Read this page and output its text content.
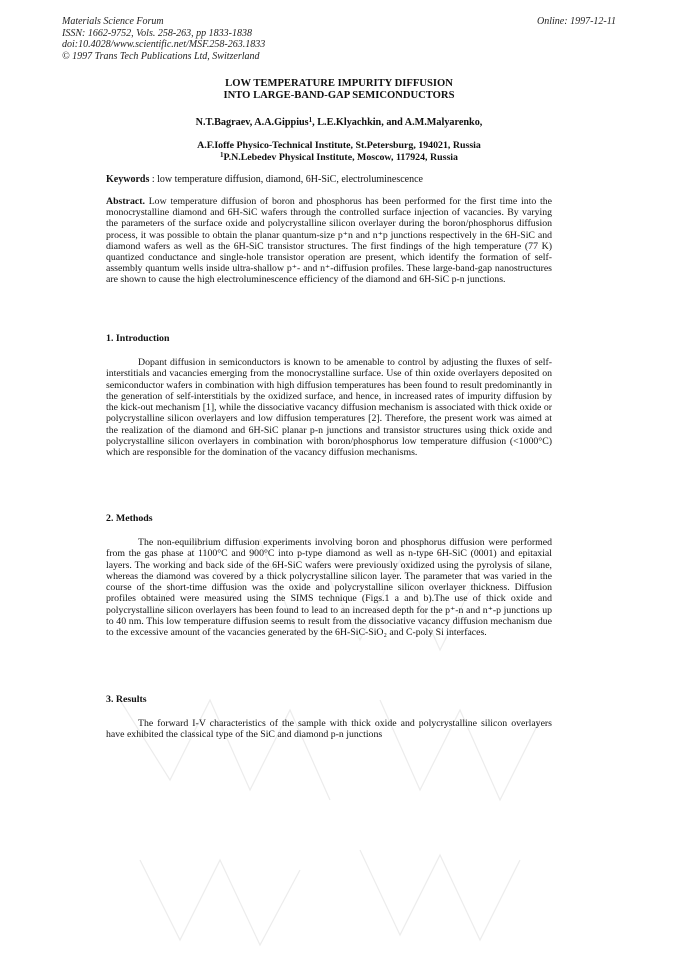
Materials Science Forum
ISSN: 1662-9752, Vols. 258-263, pp 1833-1838
doi:10.4028/www.scientific.net/MSF.258-263.1833
© 1997 Trans Tech Publications Ltd, Switzerland
Online: 1997-12-11
LOW TEMPERATURE IMPURITY DIFFUSION
INTO LARGE-BAND-GAP SEMICONDUCTORS
N.T.Bagraev, A.A.Gippius$^1$, L.E.Klyachkin, and A.M.Malyarenko,
A.F.Ioffe Physico-Technical Institute, St.Petersburg, 194021, Russia
$^1$P.N.Lebedev Physical Institute, Moscow, 117924, Russia
Keywords : low temperature diffusion, diamond, 6H-SiC, electroluminescence
Abstract. Low temperature diffusion of boron and phosphorus has been performed for the first time into the monocrystalline diamond and 6H-SiC wafers through the controlled surface injection of vacancies. By varying the parameters of the surface oxide and polycrystalline silicon overlayer during the boron/phosphorus diffusion process, it was possible to obtain the planar quantum-size p⁺n and n⁺p junctions respectively in the 6H-SiC and diamond wafers as well as the 6H-SiC transistor structures. The first findings of the high temperature (77 K) quantized conductance and single-hole transistor operation are present, which identify the formation of self-assembly quantum wells inside ultra-shallow p⁺- and n⁺-diffusion profiles. These large-band-gap nanostructures are shown to cause the high electroluminescence efficiency of the diamond and 6H-SiC p-n junctions.
1. Introduction
Dopant diffusion in semiconductors is known to be amenable to control by adjusting the fluxes of self-interstitials and vacancies emerging from the monocrystalline surface. Use of thin oxide overlayers deposited on semiconductor wafers in combination with high diffusion temperatures has been found to result predominantly in the generation of self-interstitials by the oxidized surface, and hence, in increased rates of impurity diffusion by the kick-out mechanism [1], while the dissociative vacancy diffusion mechanism is associated with thick oxide or polycrystalline silicon overlayers and low diffusion temperatures [2]. Therefore, the present work was aimed at the realization of the diamond and 6H-SiC planar p-n junctions and transistor structures using thick oxide and polycrystalline silicon overlayers in combination with boron/phosphorus low temperature diffusion (<1000°C) which are responsible for the domination of the vacancy diffusion mechanisms.
2. Methods
The non-equilibrium diffusion experiments involving boron and phosphorus diffusion were performed from the gas phase at 1100°C and 900°C into p-type diamond as well as n-type 6H-SiC (0001) and epitaxial layers. The working and back side of the 6H-SiC wafers were previously oxidized using the pyrolysis of silane, whereas the diamond was covered by a thick polycrystalline silicon layer. The parameter that was varied in the course of the short-time diffusion was the oxide and polycrystalline silicon overlayer thickness. Diffusion profiles obtained were measured using the SIMS technique (Figs.1 a and b).The use of thick oxide and polycrystalline silicon overlayers has been found to lead to an increased depth for the p⁺-n and n⁺-p junctions up to 40 nm. This low temperature diffusion seems to result from the dissociative vacancy diffusion mechanism due to the excessive amount of the vacancies generated by the 6H-SiC-SiO₂ and C-poly Si interfaces.
3. Results
The forward I-V characteristics of the sample with thick oxide and polycrystalline silicon overlayers have exhibited the classical type of the SiC and diamond p-n junctions
